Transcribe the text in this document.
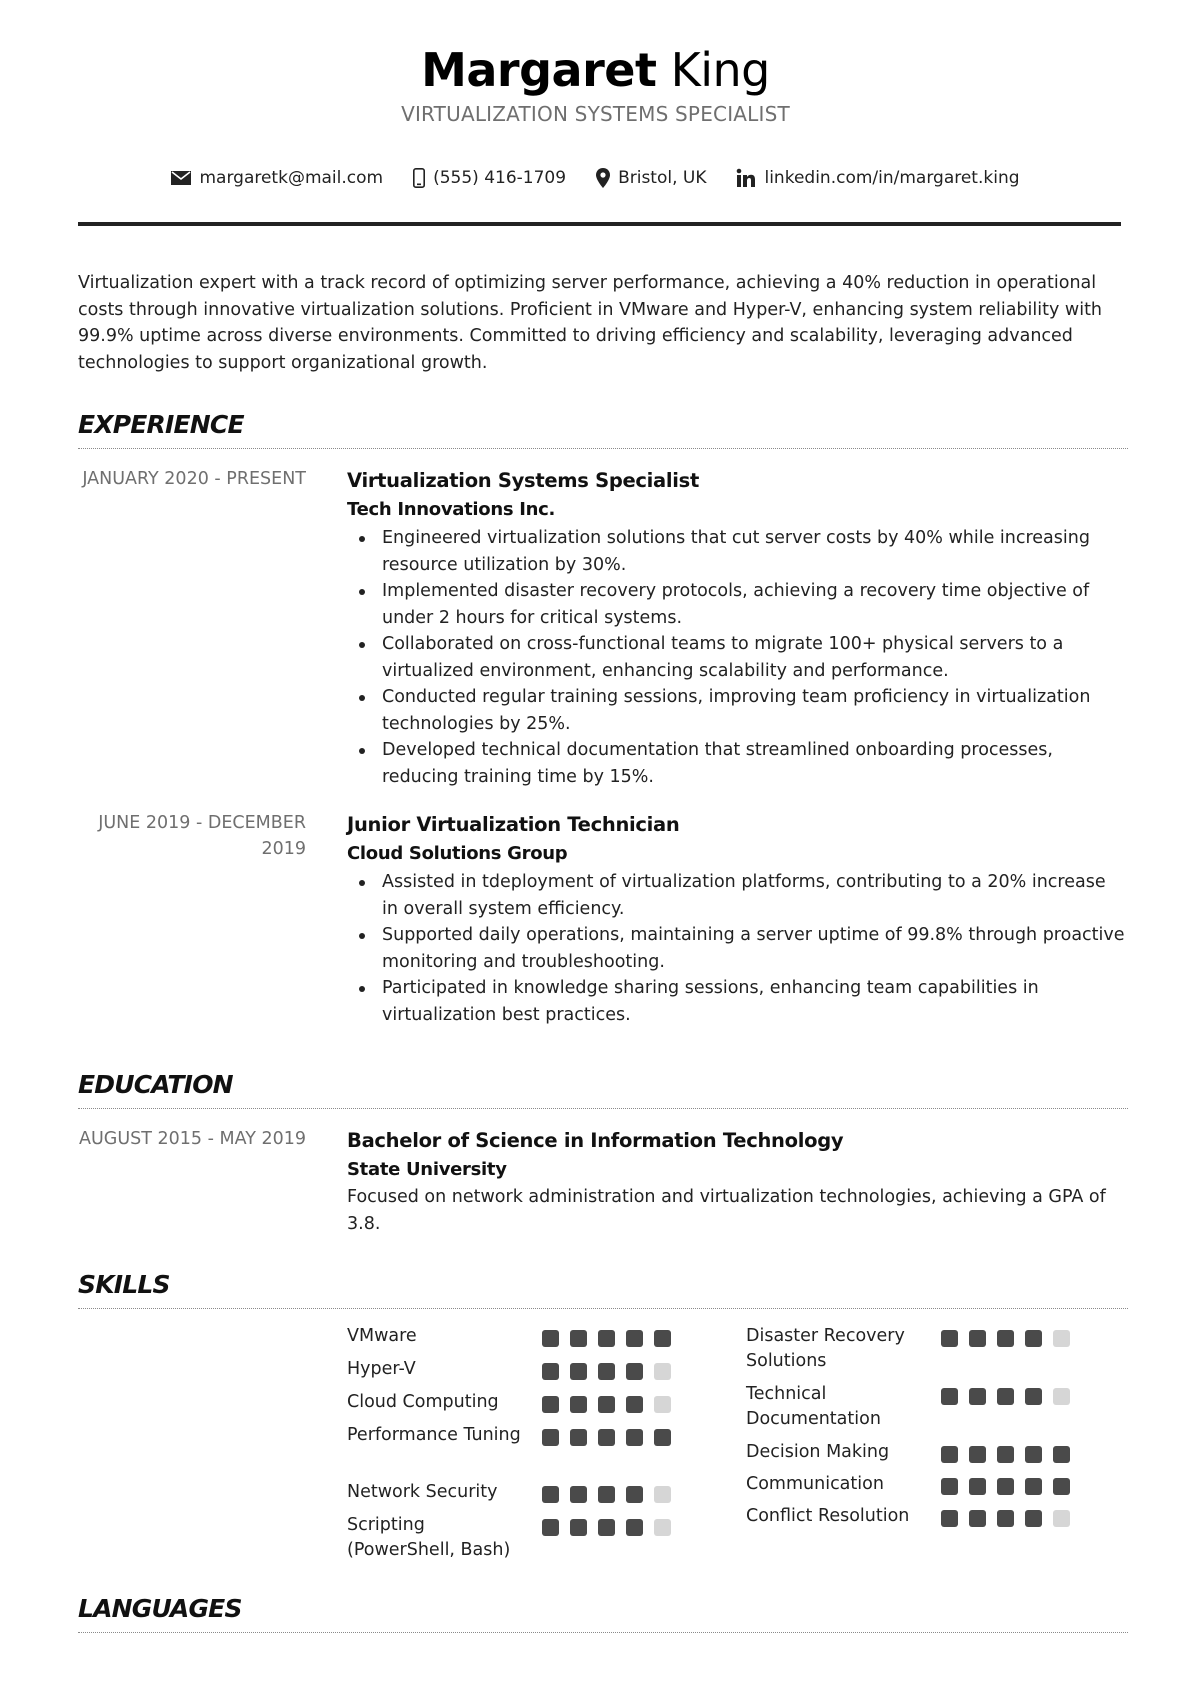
Margaret King
VIRTUALIZATION SYSTEMS SPECIALIST
margaretk@mail.com	(555) 416-1709	Bristol, UK	linkedin.com/in/margaret.king

Virtualization expert with a track record of optimizing server performance, achieving a 40% reduction in operational costs through innovative virtualization solutions. Proficient in VMware and Hyper-V, enhancing system reliability with 99.9% uptime across diverse environments. Committed to driving efficiency and scalability, leveraging advanced technologies to support organizational growth.

EXPERIENCE
JANUARY 2020 - PRESENT Virtualization Systems Specialist
Tech Innovations Inc.
Engineered virtualization solutions that cut server costs by 40% while increasing resource utilization by 30%.
Implemented disaster recovery protocols, achieving a recovery time objective of under 2 hours for critical systems.
Collaborated on cross-functional teams to migrate 100+ physical servers to a virtualized environment, enhancing scalability and performance.
Conducted regular training sessions, improving team proficiency in virtualization technologies by 25%.
Developed technical documentation that streamlined onboarding processes, reducing training time by 15%.
JUNE 2019 - DECEMBER 2019
Junior Virtualization Technician
Cloud Solutions Group
Assisted in tdeployment of virtualization platforms, contributing to a 20% increase in overall system efficiency.
Supported daily operations, maintaining a server uptime of 99.8% through proactive monitoring and troubleshooting.
Participated in knowledge sharing sessions, enhancing team capabilities in virtualization best practices.
EDUCATION
AUGUST 2015 - MAY 2019 Bachelor of Science in Information Technology
State University
Focused on network administration and virtualization technologies, achieving a GPA of 3.8.
SKILLS
VMware
Hyper-V
Cloud Computing
Performance Tuning
Network Security
Scripting (PowerShell, Bash)
Disaster Recovery Solutions
Technical Documentation
Decision Making
Communication
Conflict Resolution
LANGUAGES
